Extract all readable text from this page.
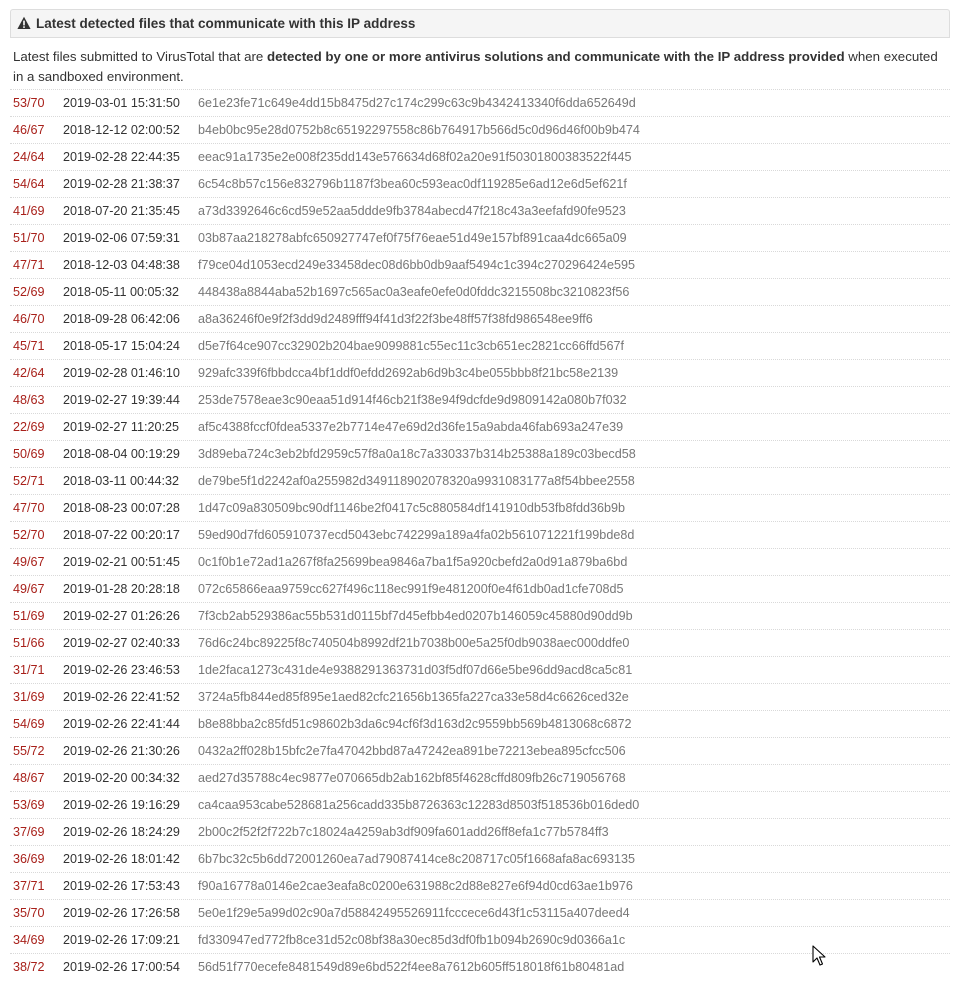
Latest detected files that communicate with this IP address
Latest files submitted to VirusTotal that are detected by one or more antivirus solutions and communicate with the IP address provided when executed in a sandboxed environment.
53/70	2019-03-01 15:31:50	6e1e23fe71c649e4dd15b8475d27c174c299c63c9b4342413340f6dda652649d
46/67	2018-12-12 02:00:52	b4eb0bc95e28d0752b8c65192297558c86b764917b566d5c0d96d46f00b9b474
24/64	2019-02-28 22:44:35	eeac91a1735e2e008f235dd143e576634d68f02a20e91f50301800383522f445
54/64	2019-02-28 21:38:37	6c54c8b57c156e832796b1187f3bea60c593eac0df119285e6ad12e6d5ef621f
41/69	2018-07-20 21:35:45	a73d3392646c6cd59e52aa5ddde9fb3784abecd47f218c43a3eefafd90fe9523
51/70	2019-02-06 07:59:31	03b87aa218278abfc650927747ef0f75f76eae51d49e157bf891caa4dc665a09
47/71	2018-12-03 04:48:38	f79ce04d1053ecd249e33458dec08d6bb0db9aaf5494c1c394c270296424e595
52/69	2018-05-11 00:05:32	448438a8844aba52b1697c565ac0a3eafe0efe0d0fddc3215508bc3210823f56
46/70	2018-09-28 06:42:06	a8a36246f0e9f2f3dd9d2489fff94f41d3f22f3be48ff57f38fd986548ee9ff6
45/71	2018-05-17 15:04:24	d5e7f64ce907cc32902b204bae9099881c55ec11c3cb651ec2821cc66ffd567f
42/64	2019-02-28 01:46:10	929afc339f6fbbdcca4bf1ddf0efdd2692ab6d9b3c4be055bbb8f21bc58e2139
48/63	2019-02-27 19:39:44	253de7578eae3c90eaa51d914f46cb21f38e94f9dcfde9d9809142a080b7f032
22/69	2019-02-27 11:20:25	af5c4388fccf0fdea5337e2b7714e47e69d2d36fe15a9abda46fab693a247e39
50/69	2018-08-04 00:19:29	3d89eba724c3eb2bfd2959c57f8a0a18c7a330337b314b25388a189c03becd58
52/71	2018-03-11 00:44:32	de79be5f1d2242af0a255982d349118902078320a9931083177a8f54bbee2558
47/70	2018-08-23 00:07:28	1d47c09a830509bc90df1146be2f0417c5c880584df141910db53fb8fdd36b9b
52/70	2018-07-22 00:20:17	59ed90d7fd605910737ecd5043ebc742299a189a4fa02b561071221f199bde8d
49/67	2019-02-21 00:51:45	0c1f0b1e72ad1a267f8fa25699bea9846a7ba1f5a920cbefd2a0d91a879ba6bd
49/67	2019-01-28 20:28:18	072c65866eaa9759cc627f496c118ec991f9e481200f0e4f61db0ad1cfe708d5
51/69	2019-02-27 01:26:26	7f3cb2ab529386ac55b531d0115bf7d45efbb4ed0207b146059c45880d90dd9b
51/66	2019-02-27 02:40:33	76d6c24bc89225f8c740504b8992df21b7038b00e5a25f0db9038aec000ddfe0
31/71	2019-02-26 23:46:53	1de2faca1273c431de4e9388291363731d03f5df07d66e5be96dd9acd8ca5c81
31/69	2019-02-26 22:41:52	3724a5fb844ed85f895e1aed82cfc21656b1365fa227ca33e58d4c6626ced32e
54/69	2019-02-26 22:41:44	b8e88bba2c85fd51c98602b3da6c94cf6f3d163d2c9559bb569b4813068c6872
55/72	2019-02-26 21:30:26	0432a2ff028b15bfc2e7fa47042bbd87a47242ea891be72213ebea895cfcc506
48/67	2019-02-20 00:34:32	aed27d35788c4ec9877e070665db2ab162bf85f4628cffd809fb26c719056768
53/69	2019-02-26 19:16:29	ca4caa953cabe528681a256cadd335b8726363c12283d8503f518536b016ded0
37/69	2019-02-26 18:24:29	2b00c2f52f2f722b7c18024a4259ab3df909fa601add26ff8efa1c77b5784ff3
36/69	2019-02-26 18:01:42	6b7bc32c5b6dd72001260ea7ad79087414ce8c208717c05f1668afa8ac693135
37/71	2019-02-26 17:53:43	f90a16778a0146e2cae3eafa8c0200e631988c2d88e827e6f94d0cd63ae1b976
35/70	2019-02-26 17:26:58	5e0e1f29e5a99d02c90a7d58842495526911fccceсe6d43f1c53115a407deed4
34/69	2019-02-26 17:09:21	fd330947ed772fb8ce31d52c08bf38a30ec85d3df0fb1b094b2690c9d0366a1c
38/72	2019-02-26 17:00:54	56d51f770ecefe8481549d89e6bd522f4ee8a7612b605ff518018f61b80481ad
